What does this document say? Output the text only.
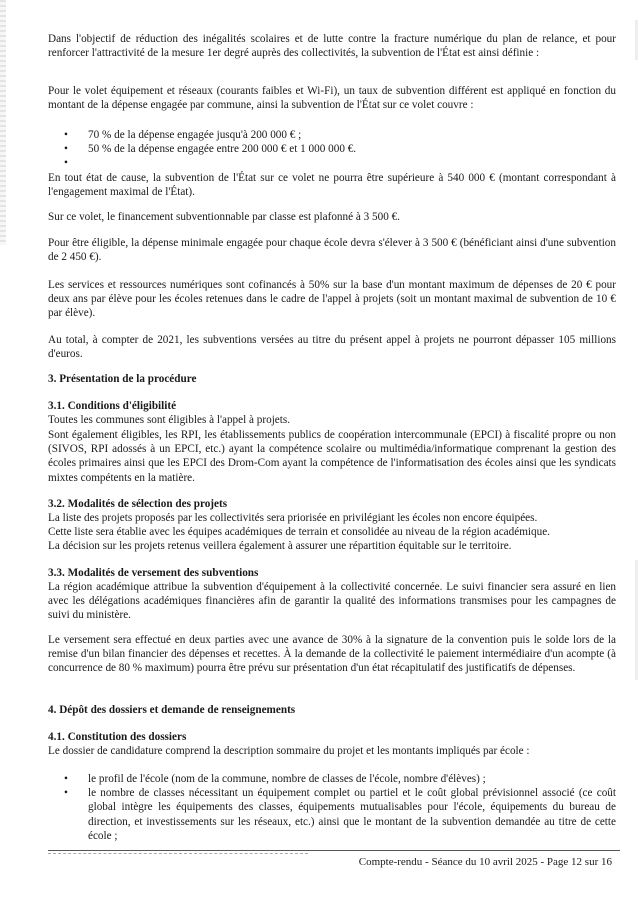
Dans l'objectif de réduction des inégalités scolaires et de lutte contre la fracture numérique du plan de relance, et pour renforcer l'attractivité de la mesure 1er degré auprès des collectivités, la subvention de l'État est ainsi définie :

Pour le volet équipement et réseaux (courants faibles et Wi-Fi), un taux de subvention différent est appliqué en fonction du montant de la dépense engagée par commune, ainsi la subvention de l'État sur ce volet couvre :

• 70 % de la dépense engagée jusqu'à 200 000 € ;
• 50 % de la dépense engagée entre 200 000 € et 1 000 000 €.
•

En tout état de cause, la subvention de l'État sur ce volet ne pourra être supérieure à 540 000 € (montant correspondant à l'engagement maximal de l'État).

Sur ce volet, le financement subventionnable par classe est plafonné à 3 500 €.

Pour être éligible, la dépense minimale engagée pour chaque école devra s'élever à 3 500 € (bénéficiant ainsi d'une subvention de 2 450 €).

Les services et ressources numériques sont cofinancés à 50% sur la base d'un montant maximum de dépenses de 20 € pour deux ans par élève pour les écoles retenues dans le cadre de l'appel à projets (soit un montant maximal de subvention de 10 € par élève).

Au total, à compter de 2021, les subventions versées au titre du présent appel à projets ne pourront dépasser 105 millions d'euros.

3. Présentation de la procédure

3.1. Conditions d'éligibilité

Toutes les communes sont éligibles à l'appel à projets.

Sont également éligibles, les RPI, les établissements publics de coopération intercommunale (EPCI) à fiscalité propre ou non (SIVOS, RPI adossés à un EPCI, etc.) ayant la compétence scolaire ou multimédia/informatique comprenant la gestion des écoles primaires ainsi que les EPCI des Drom-Com ayant la compétence de l'informatisation des écoles ainsi que les syndicats mixtes compétents en la matière.

3.2. Modalités de sélection des projets

La liste des projets proposés par les collectivités sera priorisée en privilégiant les écoles non encore équipées.

Cette liste sera établie avec les équipes académiques de terrain et consolidée au niveau de la région académique.

La décision sur les projets retenus veillera également à assurer une répartition équitable sur le territoire.

3.3. Modalités de versement des subventions

La région académique attribue la subvention d'équipement à la collectivité concernée. Le suivi financier sera assuré en lien avec les délégations académiques financières afin de garantir la qualité des informations transmises pour les campagnes de suivi du ministère.

Le versement sera effectué en deux parties avec une avance de 30% à la signature de la convention puis le solde lors de la remise d'un bilan financier des dépenses et recettes. À la demande de la collectivité le paiement intermédiaire d'un acompte (à concurrence de 80 % maximum) pourra être prévu sur présentation d'un état récapitulatif des justificatifs de dépenses.

4. Dépôt des dossiers et demande de renseignements

4.1. Constitution des dossiers

Le dossier de candidature comprend la description sommaire du projet et les montants impliqués par école :

• le profil de l'école (nom de la commune, nombre de classes de l'école, nombre d'élèves) ;
• le nombre de classes nécessitant un équipement complet ou partiel et le coût global prévisionnel associé (ce coût global intègre les équipements des classes, équipements mutualisables pour l'école, équipements du bureau de direction, et investissements sur les réseaux, etc.) ainsi que le montant de la subvention demandée au titre de cette école ;
Compte-rendu - Séance du 10 avril 2025 - Page 12 sur 16
